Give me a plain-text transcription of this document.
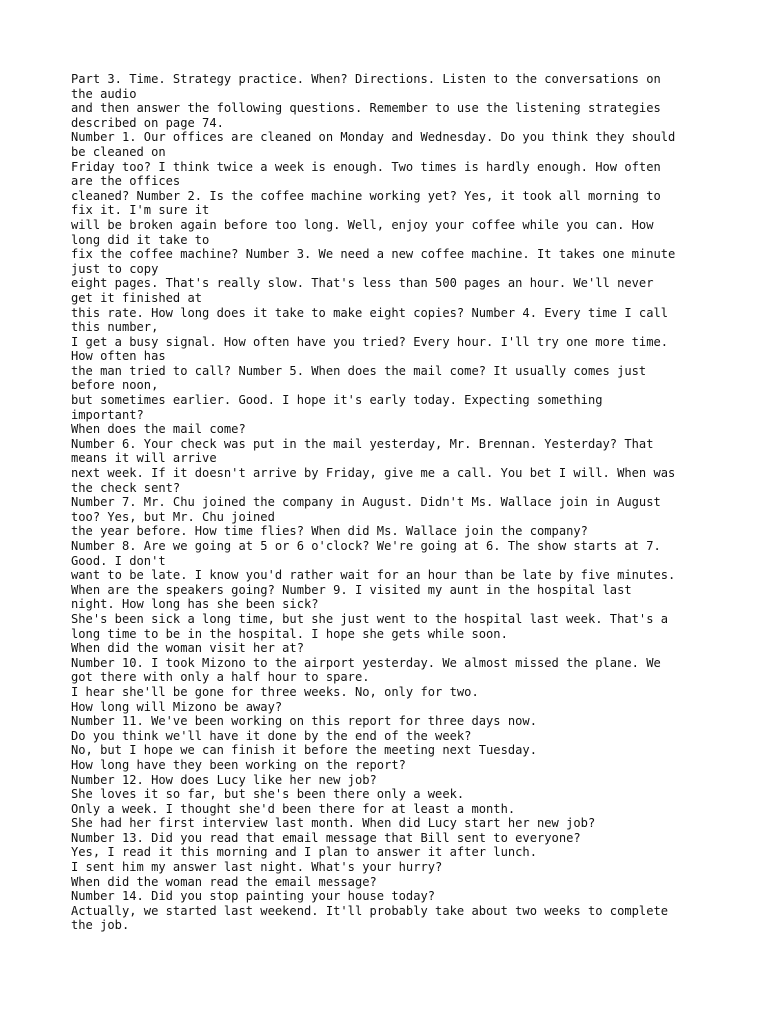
Part 3. Time. Strategy practice. When? Directions. Listen to the conversations on
the audio
and then answer the following questions. Remember to use the listening strategies
described on page 74.
Number 1. Our offices are cleaned on Monday and Wednesday. Do you think they should
be cleaned on
Friday too? I think twice a week is enough. Two times is hardly enough. How often
are the offices
cleaned? Number 2. Is the coffee machine working yet? Yes, it took all morning to
fix it. I'm sure it
will be broken again before too long. Well, enjoy your coffee while you can. How
long did it take to
fix the coffee machine? Number 3. We need a new coffee machine. It takes one minute
just to copy
eight pages. That's really slow. That's less than 500 pages an hour. We'll never
get it finished at
this rate. How long does it take to make eight copies? Number 4. Every time I call
this number,
I get a busy signal. How often have you tried? Every hour. I'll try one more time.
How often has
the man tried to call? Number 5. When does the mail come? It usually comes just
before noon,
but sometimes earlier. Good. I hope it's early today. Expecting something
important?
When does the mail come?
Number 6. Your check was put in the mail yesterday, Mr. Brennan. Yesterday? That
means it will arrive
next week. If it doesn't arrive by Friday, give me a call. You bet I will. When was
the check sent?
Number 7. Mr. Chu joined the company in August. Didn't Ms. Wallace join in August
too? Yes, but Mr. Chu joined
the year before. How time flies? When did Ms. Wallace join the company?
Number 8. Are we going at 5 or 6 o'clock? We're going at 6. The show starts at 7.
Good. I don't
want to be late. I know you'd rather wait for an hour than be late by five minutes.
When are the speakers going? Number 9. I visited my aunt in the hospital last
night. How long has she been sick?
She's been sick a long time, but she just went to the hospital last week. That's a
long time to be in the hospital. I hope she gets while soon.
When did the woman visit her at?
Number 10. I took Mizono to the airport yesterday. We almost missed the plane. We
got there with only a half hour to spare.
I hear she'll be gone for three weeks. No, only for two.
How long will Mizono be away?
Number 11. We've been working on this report for three days now.
Do you think we'll have it done by the end of the week?
No, but I hope we can finish it before the meeting next Tuesday.
How long have they been working on the report?
Number 12. How does Lucy like her new job?
She loves it so far, but she's been there only a week.
Only a week. I thought she'd been there for at least a month.
She had her first interview last month. When did Lucy start her new job?
Number 13. Did you read that email message that Bill sent to everyone?
Yes, I read it this morning and I plan to answer it after lunch.
I sent him my answer last night. What's your hurry?
When did the woman read the email message?
Number 14. Did you stop painting your house today?
Actually, we started last weekend. It'll probably take about two weeks to complete
the job.
